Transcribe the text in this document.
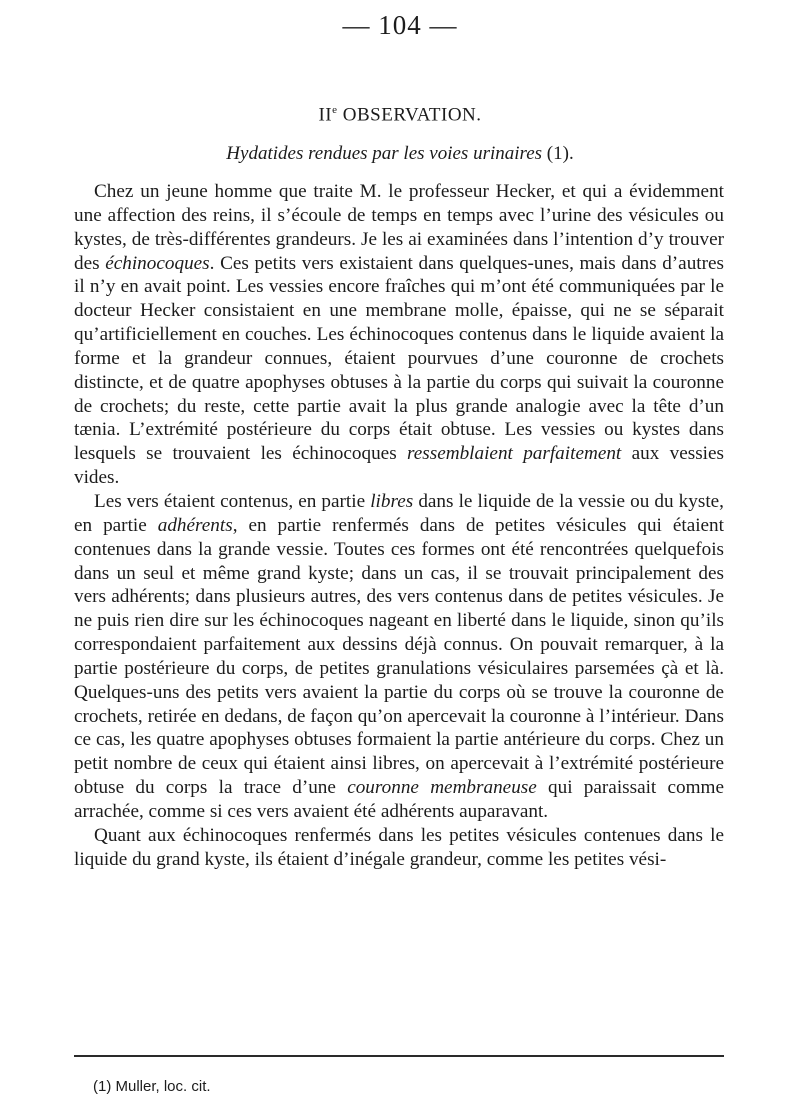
— 104 —
IIe OBSERVATION.
Hydatides rendues par les voies urinaires (1).

Chez un jeune homme que traite M. le professeur Hecker, et qui a évidemment une affection des reins, il s’écoule de temps en temps avec l’urine des vésicules ou kystes, de très-différentes grandeurs. Je les ai examinées dans l’intention d’y trouver des échinocoques. Ces petits vers existaient dans quelques-unes, mais dans d’autres il n’y en avait point. Les vessies encore fraîches qui m’ont été communiquées par le docteur Hecker consistaient en une membrane molle, épaisse, qui ne se séparait qu’artificiellement en couches. Les échinocoques contenus dans le liquide avaient la forme et la grandeur connues, étaient pourvues d’une couronne de crochets distincte, et de quatre apophyses obtuses à la partie du corps qui suivait la couronne de crochets; du reste, cette partie avait la plus grande analogie avec la tête d’un tænia. L’extrémité postérieure du corps était obtuse. Les vessies ou kystes dans lesquels se trouvaient les échinocoques ressemblaient parfaitement aux vessies vides.

Les vers étaient contenus, en partie libres dans le liquide de la vessie ou du kyste, en partie adhérents, en partie renfermés dans de petites vésicules qui étaient contenues dans la grande vessie. Toutes ces formes ont été rencontrées quelquefois dans un seul et même grand kyste; dans un cas, il se trouvait principalement des vers adhérents; dans plusieurs autres, des vers contenus dans de petites vésicules. Je ne puis rien dire sur les échinocoques nageant en liberté dans le liquide, sinon qu’ils correspondaient parfaitement aux dessins déjà connus. On pouvait remarquer, à la partie postérieure du corps, de petites granulations vésiculaires parsemées çà et là. Quelques-uns des petits vers avaient la partie du corps où se trouve la couronne de crochets, retirée en dedans, de façon qu’on apercevait la couronne à l’intérieur. Dans ce cas, les quatre apophyses obtuses formaient la partie antérieure du corps. Chez un petit nombre de ceux qui étaient ainsi libres, on apercevait à l’extrémité postérieure obtuse du corps la trace d’une couronne membraneuse qui paraissait comme arrachée, comme si ces vers avaient été adhérents auparavant.

Quant aux échinocoques renfermés dans les petites vésicules contenues dans le liquide du grand kyste, ils étaient d’inégale grandeur, comme les petites vési-

(1) Muller, loc. cit.
